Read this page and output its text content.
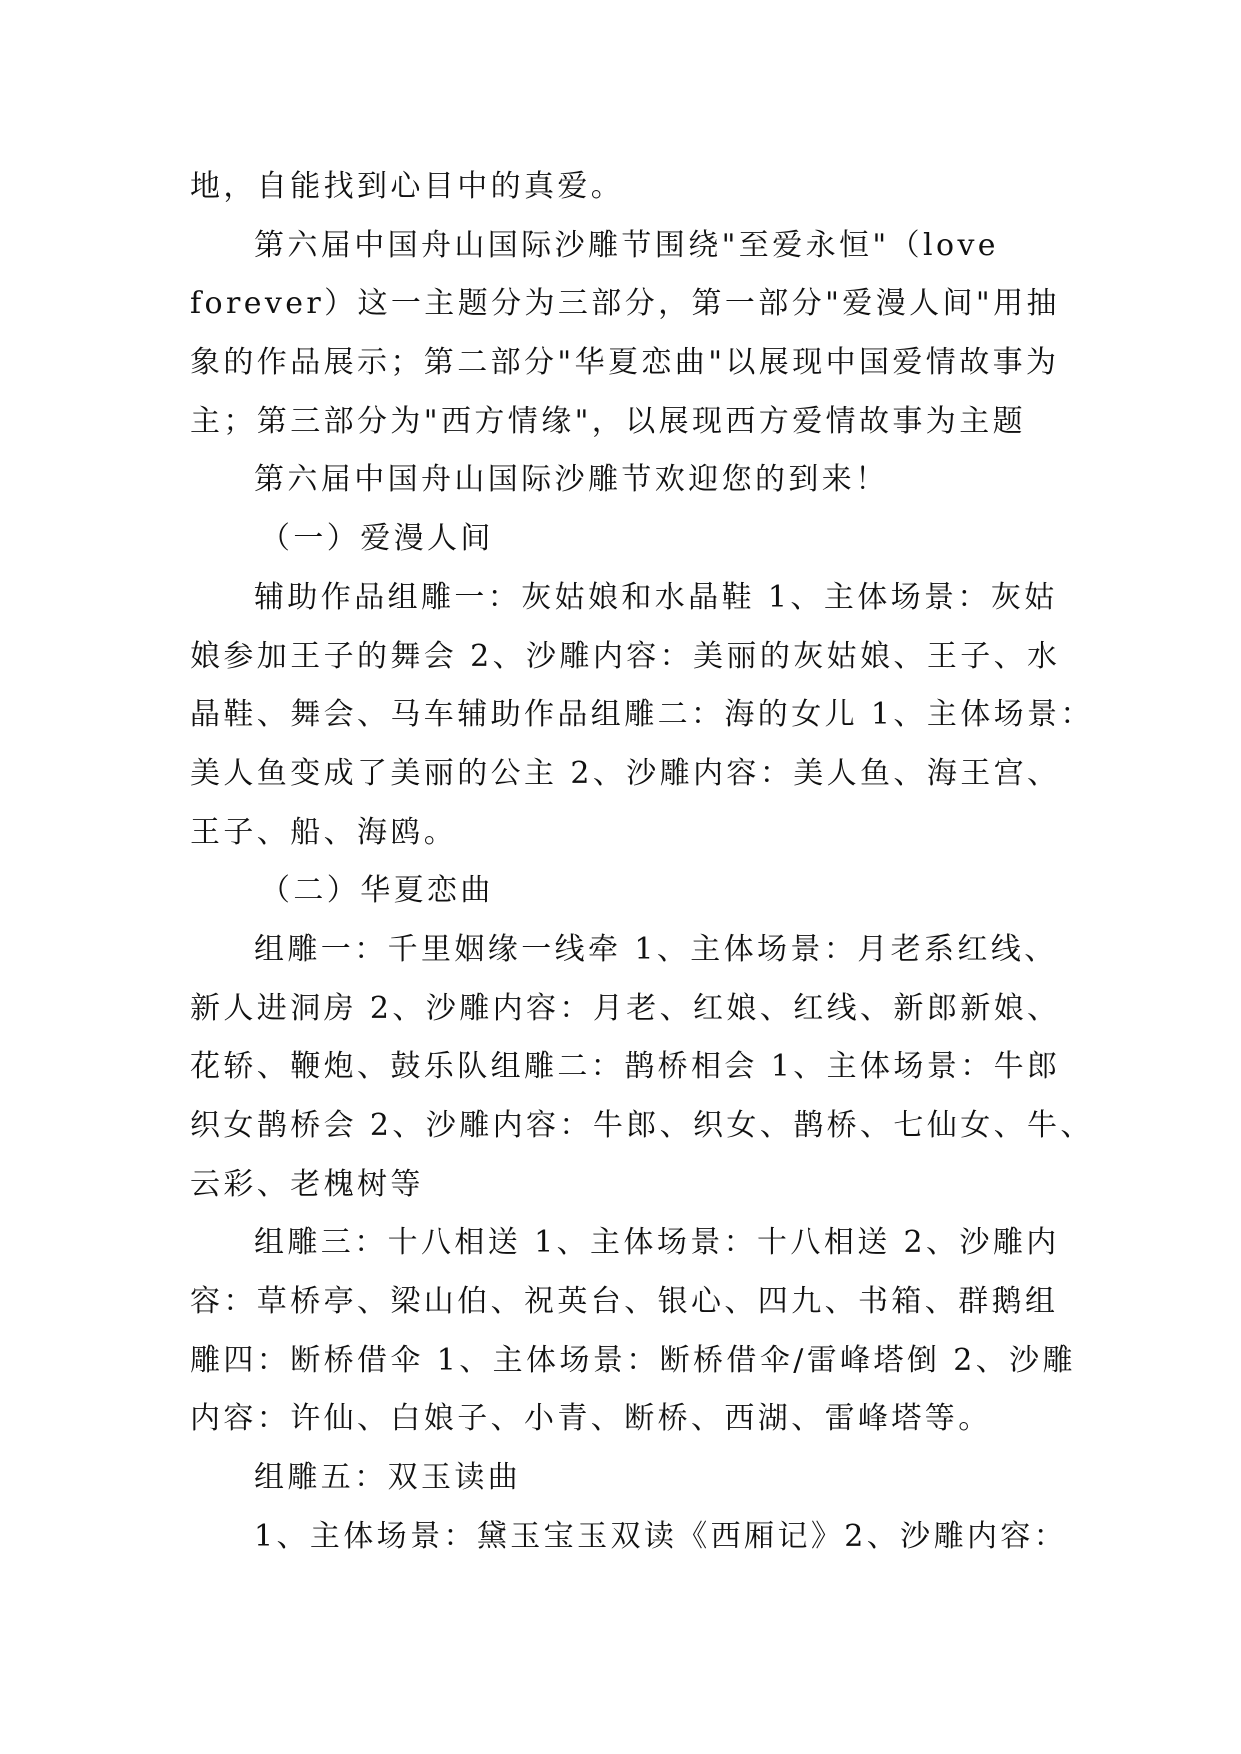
地，自能找到心目中的真爱。
第六届中国舟山国际沙雕节围绕"至爱永恒"（love
forever）这一主题分为三部分，第一部分"爱漫人间"用抽
象的作品展示；第二部分"华夏恋曲"以展现中国爱情故事为
主；第三部分为"西方情缘"，以展现西方爱情故事为主题
第六届中国舟山国际沙雕节欢迎您的到来！
（一）爱漫人间
辅助作品组雕一：灰姑娘和水晶鞋 1、主体场景：灰姑
娘参加王子的舞会 2、沙雕内容：美丽的灰姑娘、王子、水
晶鞋、舞会、马车辅助作品组雕二：海的女儿 1、主体场景：
美人鱼变成了美丽的公主 2、沙雕内容：美人鱼、海王宫、
王子、船、海鸥。
（二）华夏恋曲
组雕一：千里姻缘一线牵 1、主体场景：月老系红线、
新人进洞房 2、沙雕内容：月老、红娘、红线、新郎新娘、
花轿、鞭炮、鼓乐队组雕二：鹊桥相会 1、主体场景：牛郎
织女鹊桥会 2、沙雕内容：牛郎、织女、鹊桥、七仙女、牛、
云彩、老槐树等
组雕三：十八相送 1、主体场景：十八相送 2、沙雕内
容：草桥亭、梁山伯、祝英台、银心、四九、书箱、群鹅组
雕四：断桥借伞 1、主体场景：断桥借伞/雷峰塔倒 2、沙雕
内容：许仙、白娘子、小青、断桥、西湖、雷峰塔等。
组雕五：双玉读曲
1、主体场景：黛玉宝玉双读《西厢记》2、沙雕内容：
